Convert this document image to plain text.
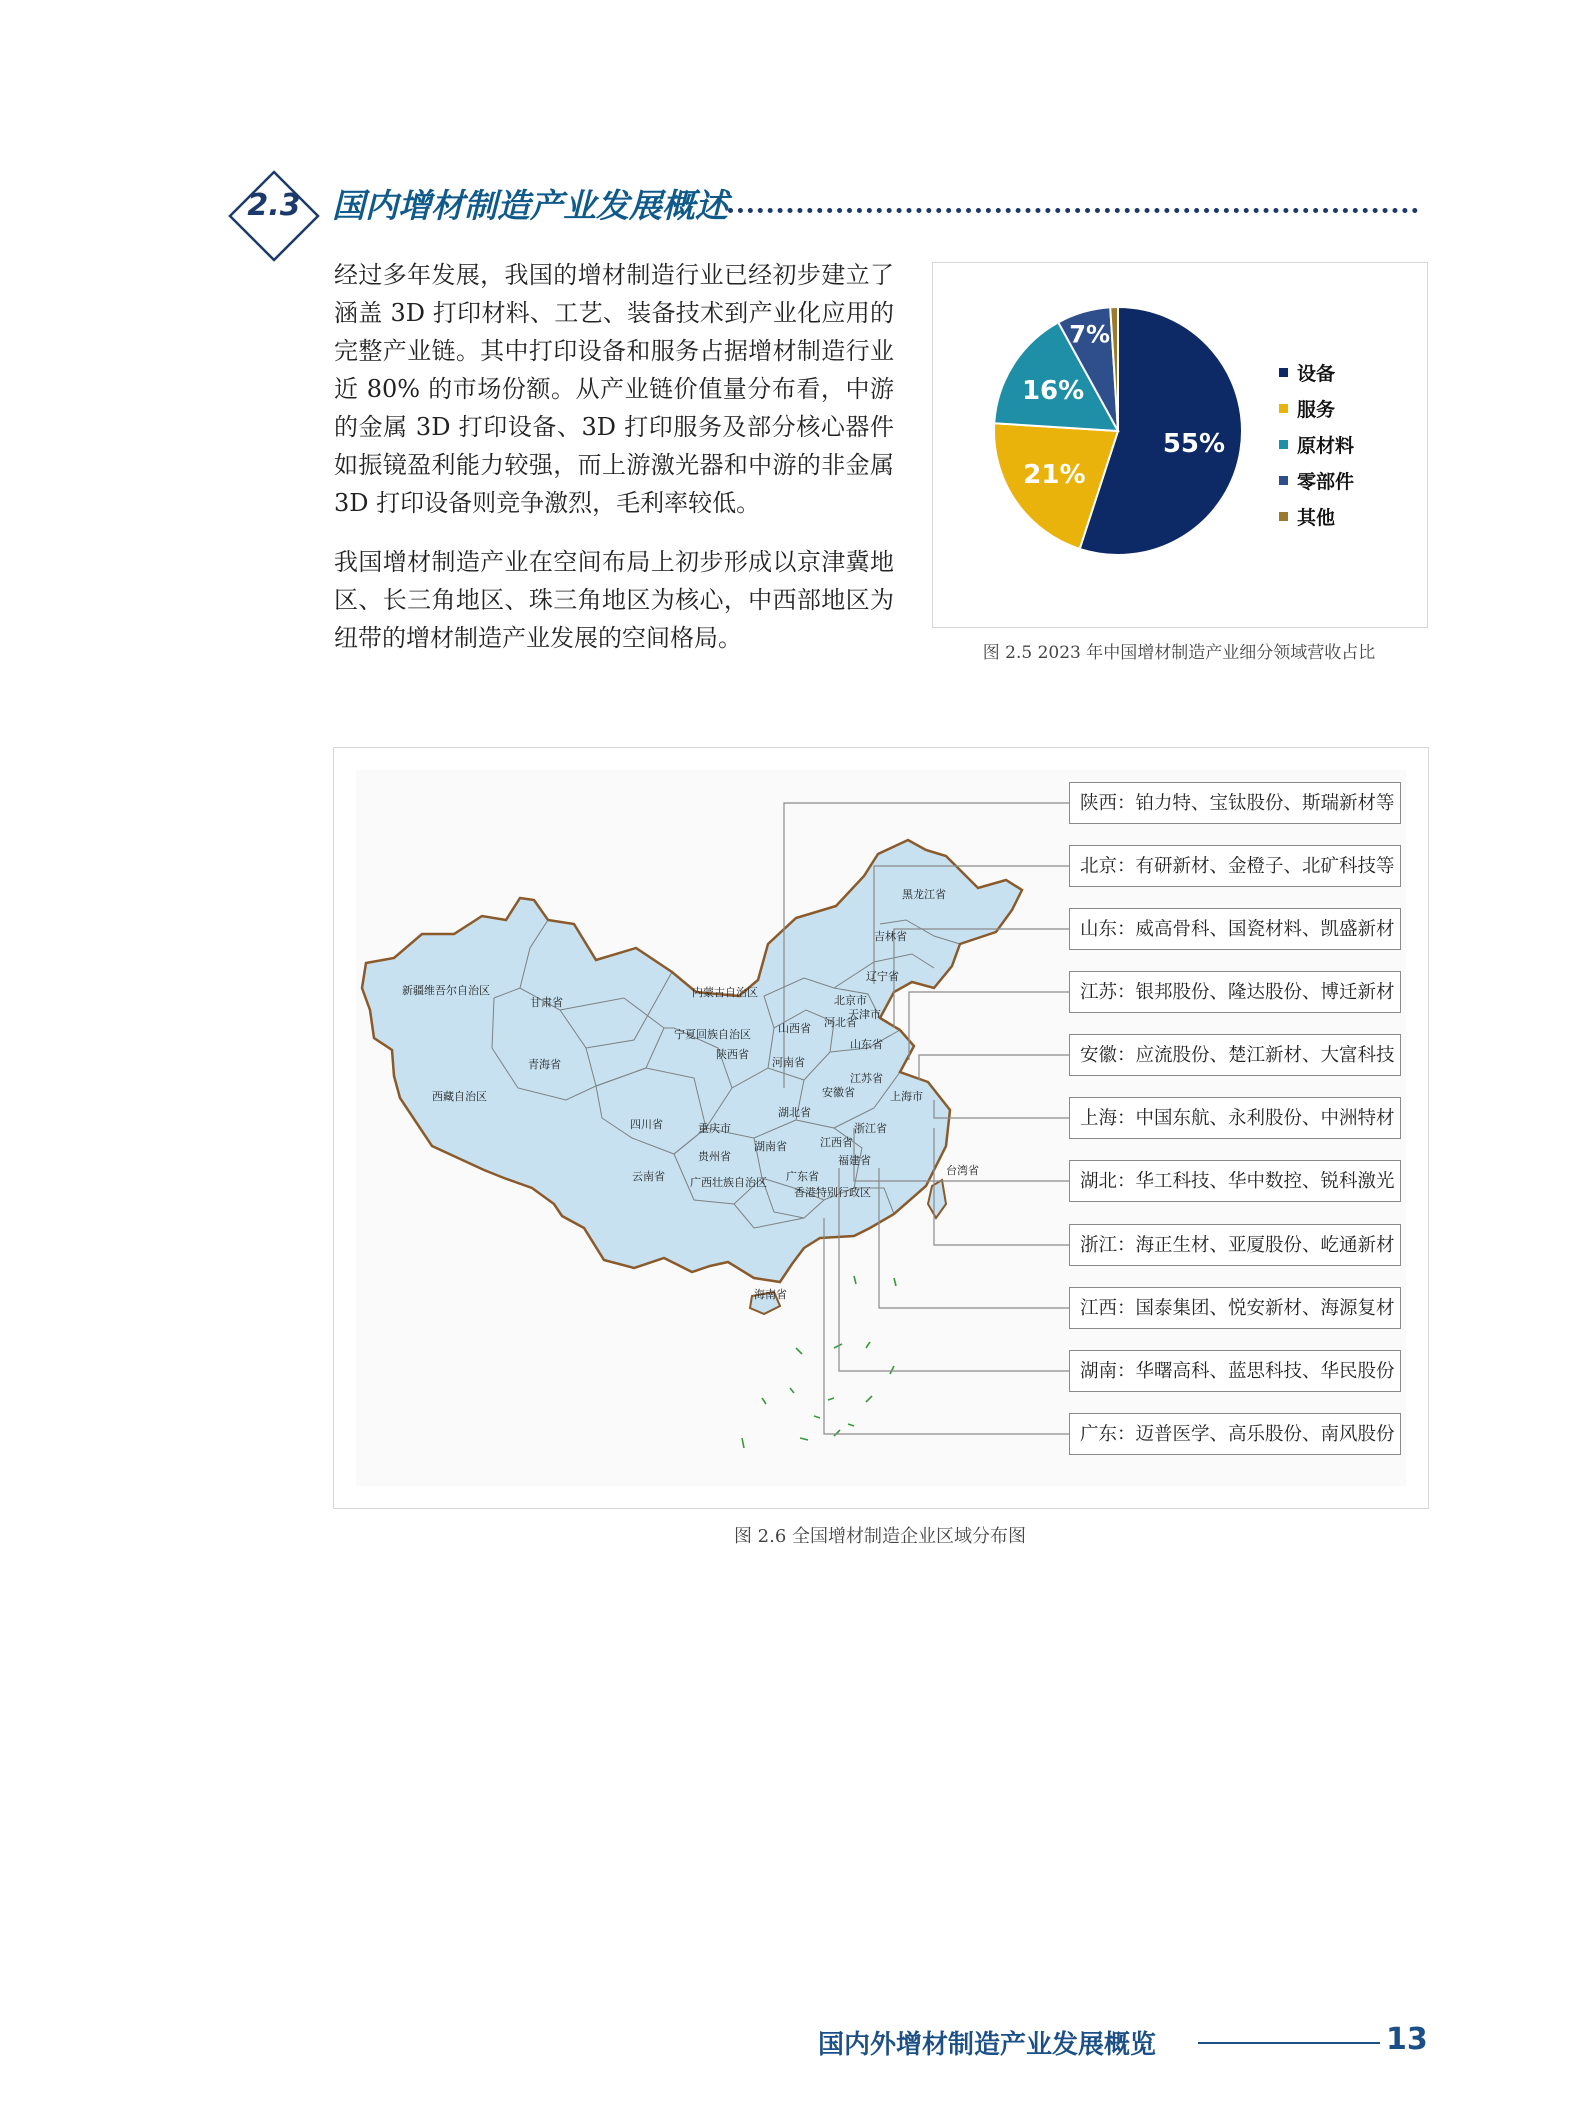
2.3 国内增材制造产业发展概述
经过多年发展，我国的增材制造行业已经初步建立了涵盖 3D 打印材料、工艺、装备技术到产业化应用的完整产业链。其中打印设备和服务占据增材制造行业近 80% 的市场份额。从产业链价值量分布看，中游的金属 3D 打印设备、3D 打印服务及部分核心器件如振镜盈利能力较强，而上游激光器和中游的非金属 3D 打印设备则竞争激烈，毛利率较低。
我国增材制造产业在空间布局上初步形成以京津冀地区、长三角地区、珠三角地区为核心，中西部地区为纽带的增材制造产业发展的空间格局。
55%
21%
16%
7% 1%
设备
服务
原材料
零部件
其他
图 2.5 2023 年中国增材制造产业细分领域营收占比
新疆维吾尔自治区
西藏自治区
青海省
甘肃省
内蒙古自治区
黑龙江省
吉林省
辽宁省
北京市
天津市
河北省
山西省
山东省
宁夏回族自治区
陕西省
河南省
江苏省
安徽省	上海市
湖北省
四川省	重庆市	浙江省
湖南省	江西省
贵州省	福建省
台湾省
云南省 广西壮族自治区 广东省
香港特别行政区
海南省
陕西：铂力特、宝钛股份、斯瑞新材等
北京：有研新材、金橙子、北矿科技等
山东：威高骨科、国瓷材料、凯盛新材
江苏：银邦股份、隆达股份、博迁新材
安徽：应流股份、楚江新材、大富科技
上海：中国东航、永利股份、中洲特材
湖北：华工科技、华中数控、锐科激光
浙江：海正生材、亚厦股份、屹通新材
江西：国泰集团、悦安新材、海源复材
湖南：华曙高科、蓝思科技、华民股份
广东：迈普医学、高乐股份、南风股份
图 2.6 全国增材制造企业区域分布图
国内外增材制造产业发展概览	13
